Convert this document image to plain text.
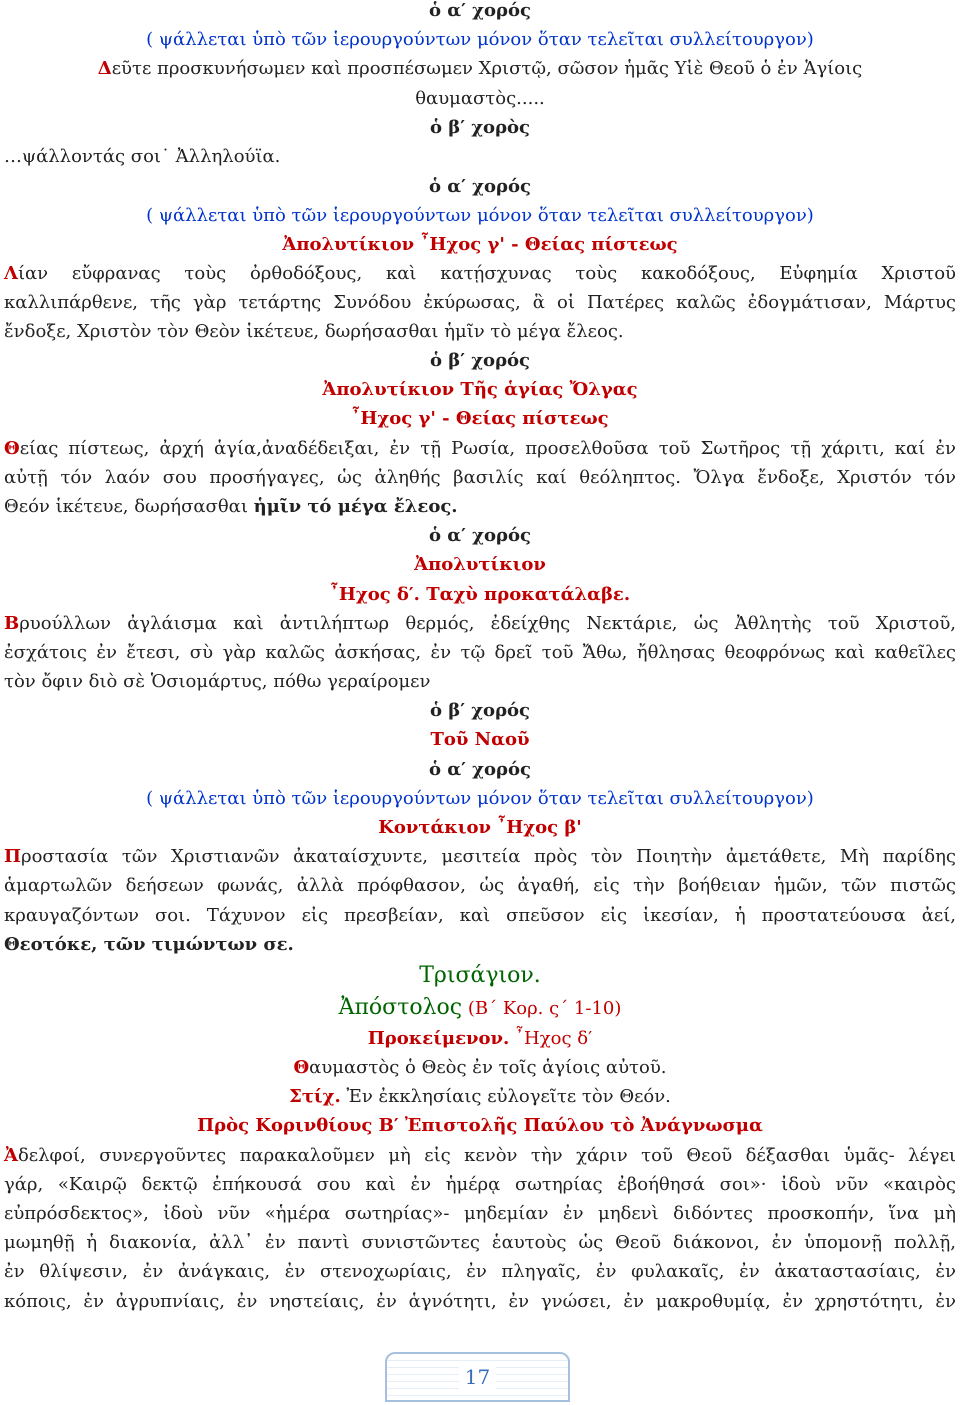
ὁ α′ χορός
( ψάλλεται ὑπὸ τῶν ἱερουργούντων μόνον ὅταν τελεῖται συλλείτουργον)
Δεῦτε προσκυνήσωμεν καὶ προσπέσωμεν Χριστῷ, σῶσον ἡμᾶς Υἱὲ Θεοῦ ὁ ἐν Ἁγίοις
θαυμαστὸς.....
ὁ β′ χορὸς
…ψάλλοντάς σοι˙ Ἀλληλούϊα.
ὁ α′ χορός
( ψάλλεται ὑπὸ τῶν ἱερουργούντων μόνον ὅταν τελεῖται συλλείτουργον)
Ἀπολυτίκιον ῏Ηχος γ' - Θείας πίστεως
Λίαν εὔφρανας τοὺς ὀρθοδόξους, καὶ κατῄσχυνας τοὺς κακοδόξους, Εὐφημία Χριστοῦ
καλλιπάρθενε, τῆς γὰρ τετάρτης Συνόδου ἐκύρωσας, ἃ οἱ Πατέρες καλῶς ἐδογμάτισαν, Μάρτυς
ἔνδοξε, Χριστὸν τὸν Θεὸν ἱκέτευε, δωρήσασθαι ἡμῖν τὸ μέγα ἔλεος.
ὁ β′ χορός
Ἀπολυτίκιον Τῆς ἁγίας Ὄλγας
῏Ηχος γ' - Θείας πίστεως
Θείας πίστεως, ἀρχή ἁγία,ἀναδέδειξαι, ἐν τῇ Ρωσία, προσελθοῦσα τοῦ Σωτῆρος τῇ χάριτι, καί ἐν
αὐτῇ τόν λαόν σου προσήγαγες, ὡς ἀληθής βασιλίς καί θεόληπτος. Ὄλγα ἔνδοξε, Χριστόν τόν
Θεόν ἱκέτευε, δωρήσασθαι ἡμῖν τό μέγα ἔλεος.
ὁ α′ χορός
Ἀπολυτίκιον
῏Ηχος δ′. Ταχὺ προκατάλαβε.
Βρυούλλων ἀγλάισμα καὶ ἀντιλήπτωρ θερμός, ἐδείχθης Νεκτάριε, ὡς Ἀθλητὴς τοῦ Χριστοῦ,
ἐσχάτοις ἐν ἔτεσι, σὺ γὰρ καλῶς ἀσκήσας, ἐν τῷ δρεῖ τοῦ Ἄθω, ἤθλησας θεοφρόνως καὶ καθεῖλες
τὸν ὄφιν διὸ σὲ Ὁσιομάρτυς, πόθω γεραίρομεν
ὁ β′ χορός
Τοῦ Ναοῦ
ὁ α′ χορός
( ψάλλεται ὑπὸ τῶν ἱερουργούντων μόνον ὅταν τελεῖται συλλείτουργον)
Κοντάκιον ῏Ηχος β'
Προστασία τῶν Χριστιανῶν ἀκαταίσχυντε, μεσιτεία πρὸς τὸν Ποιητὴν ἀμετάθετε, Μὴ παρίδης
ἁμαρτωλῶν δεήσεων φωνάς, ἀλλὰ πρόφθασον, ὡς ἀγαθή, εἰς τὴν βοήθειαν ἡμῶν, τῶν πιστῶς
κραυγαζόντων σοι. Τάχυνον εἰς πρεσβείαν, καὶ σπεῦσον εἰς ἱκεσίαν, ἡ προστατεύουσα ἀεί,
Θεοτόκε, τῶν τιμώντων σε.
Τρισάγιον.
Ἀπόστολος (Β΄ Κορ. ς΄ 1-10)
Προκείμενον. ῏Ηχος δ′
Θαυμαστὸς ὁ Θεὸς ἐν τοῖς ἁγίοις αὐτοῦ.
Στίχ. Ἐν ἐκκλησίαις εὐλογεῖτε τὸν Θεόν.
Πρὸς Κορινθίους Β′ Ἐπιστολῆς Παύλου τὸ Ἀνάγνωσμα
Ἀδελφοί, συνεργοῦντες παρακαλοῦμεν μὴ εἰς κενὸν τὴν χάριν τοῦ Θεοῦ δέξασθαι ὑμᾶς- λέγει
γάρ, «Καιρῷ δεκτῷ ἐπήκουσά σου καὶ ἐν ἡμέρᾳ σωτηρίας ἐβοήθησά σοι»· ἰδοὺ νῦν «καιρὸς
εὐπρόσδεκτος», ἰδοὺ νῦν «ἡμέρα σωτηρίας»- μηδεμίαν ἐν μηδενὶ διδόντες προσκοπήν, ἵνα μὴ
μωμηθῇ ἡ διακονία, ἀλλ᾽ ἐν παντὶ συνιστῶντες ἑαυτοὺς ὡς Θεοῦ διάκονοι, ἐν ὑπομονῇ πολλῇ,
ἐν θλίψεσιν, ἐν ἀνάγκαις, ἐν στενοχωρίαις, ἐν πληγαῖς, ἐν φυλακαῖς, ἐν ἀκαταστασίαις, ἐν
κόποις, ἐν ἀγρυπνίαις, ἐν νηστείαις, ἐν ἁγνότητι, ἐν γνώσει, ἐν μακροθυμίᾳ, ἐν χρηστότητι, ἐν
17
